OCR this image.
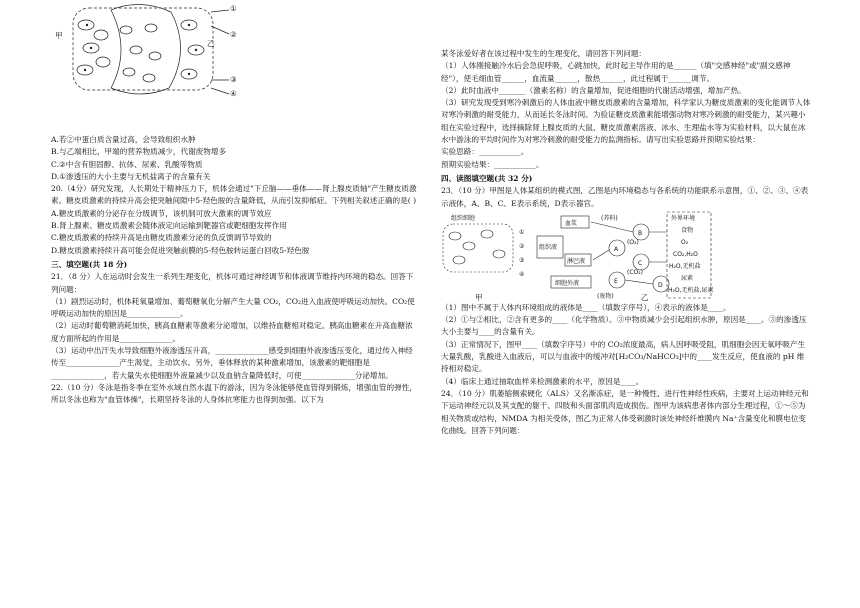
甲
乙
①
②
③
④

A.若②中蛋白质含量过高，会导致组织水肿

B.与乙端相比，甲端的营养物质减少，代谢废物增多

C.②中含有胆固醇、抗体、尿素、乳酸等物质

D.①渗透压的大小主要与无机盐离子的含量有关

20.（4分）研究发现，人长期处于精神压力下，机体会通过"下丘脑——垂体——肾上腺皮质轴"产生糖皮质激素。糖皮质激素的持续升高会使突触间隙中5-羟色胺的含量降低，从而引发抑郁症。下列相关叙述正确的是( )

A.糖皮质激素的分泌存在分级调节，该机制可放大激素的调节效应

B.肾上腺素、糖皮质激素会随体液定向运输到靶器官或靶细胞发挥作用

C.糖皮质激素的持续升高是由糖皮质激素分泌的负反馈调节导致的

D.糖皮质激素持续升高可能会促进突触前膜的5-羟色胺转运蛋白回收5-羟色胺

三、填空题(共 18 分)

21．（8 分）人在运动时会发生一系列生理变化，机体可通过神经调节和体液调节维持内环境的稳态。回答下列问题：

（1）剧烈运动时，机体耗氧量增加、葡萄糖氧化分解产生大量 CO₂，CO₂进入血液使呼吸运动加快。CO₂使呼吸运动加快的原因是______________。

（2）运动时葡萄糖消耗加快，胰高血糖素等激素分泌增加，以维持血糖相对稳定。胰高血糖素在升高血糖浓度方面所起的作用是______________。

（3）运动中出汗失水导致细胞外液渗透压升高，______________感受到细胞外液渗透压变化，通过传入神经传至______________产生渴觉，主动饮水。另外，垂体释放的某种激素增加，该激素的靶细胞是______________，若大量失水使细胞外液量减少以及血钠含量降低时，可使______________分泌增加。

22.（10 分）冬泳是指冬季在室外水域自然水温下的游泳，因为冬泳能够使血管得到锻炼，增强血管的弹性，所以冬泳也称为"血管体操"，长期坚持冬泳的人身体抗寒能力也得到加强。以下为

某冬泳爱好者在该过程中发生的生理变化，请回答下列问题：

（1）人体刚接触冷水后会急促呼吸，心跳加快，此时起主导作用的是______（填"交感神经"或"副交感神经"），使毛细血管______，血流量______，散热______，此过程属于______调节。

（2）此时血液中_______（激素名称）的含量增加，促进细胞的代谢活动增强，增加产热。

（3）研究发现受到寒冷刺激后的人体血液中糖皮质激素的含量增加，科学家认为糖皮质激素的变化能调节人体对寒冷刺激的耐受能力，从而延长冬泳时间。为验证糖皮质激素能增强动物对寒冷刺激的耐受能力，某兴趣小组在实验过程中，选择摘除肾上腺皮质的大鼠、糖皮质激素溶液、冰水、生理盐水等为实验材料，以大鼠在冰水中游泳的平均时间作为对寒冷刺激的耐受能力的监测指标。请写出实验思路并预期实验结果：

实验思路：___________。

预期实验结果：___________。

四、读图填空题(共 32 分)

23．（10 分）甲图是人体某组织的模式图，乙图是内环境稳态与各系统的功能联系示意图，①、②、③、④表示液体，A、B、C、E表示系统，D表示器官。

组织细胞
①
②
③
④
血浆
组织液
淋巴液
细胞外液
A
B
C
E
D
(养料)
(废物)
(O₂)
(CO₂)
外界环境
食物
O₂
CO₂,H₂O
H₂O,无机盐
尿素
H₂O,无机盐,尿素
甲	乙

（1）图中不属于人体内环境组成的液体是____（填数字序号），④表示的液体是____。

（2）①与②相比，②含有更多的____（化学物质）。③中物质减少会引起组织水肿，原因是____。③的渗透压大小主要与____的含量有关。

（3）正常情况下，图甲____（填数字序号）中的 CO₂浓度最高，病人因呼吸受阻，肌细胞会因无氧呼吸产生大量乳酸，乳酸进入血液后，可以与血液中的缓冲对[H₂CO₃/NaHCO₃]中的____发生反应，使血液的 pH 维持相对稳定。

（4）临床上通过抽取血样来检测激素的水平，原因是____。

24．（10 分）肌萎缩侧索硬化（ALS）又名渐冻症，是一种慢性、进行性神经性疾病，主要对上运动神经元和下运动神经元以及其支配的躯干、四肢和头面部肌肉造成损伤。图甲为该病患者体内部分生理过程，①～⑤为相关物质或结构，NMDA 为相关受体，图乙为正常人体受刺激时该处神经纤维膜内 Na⁺含量变化和膜电位变化曲线。回答下列问题：
